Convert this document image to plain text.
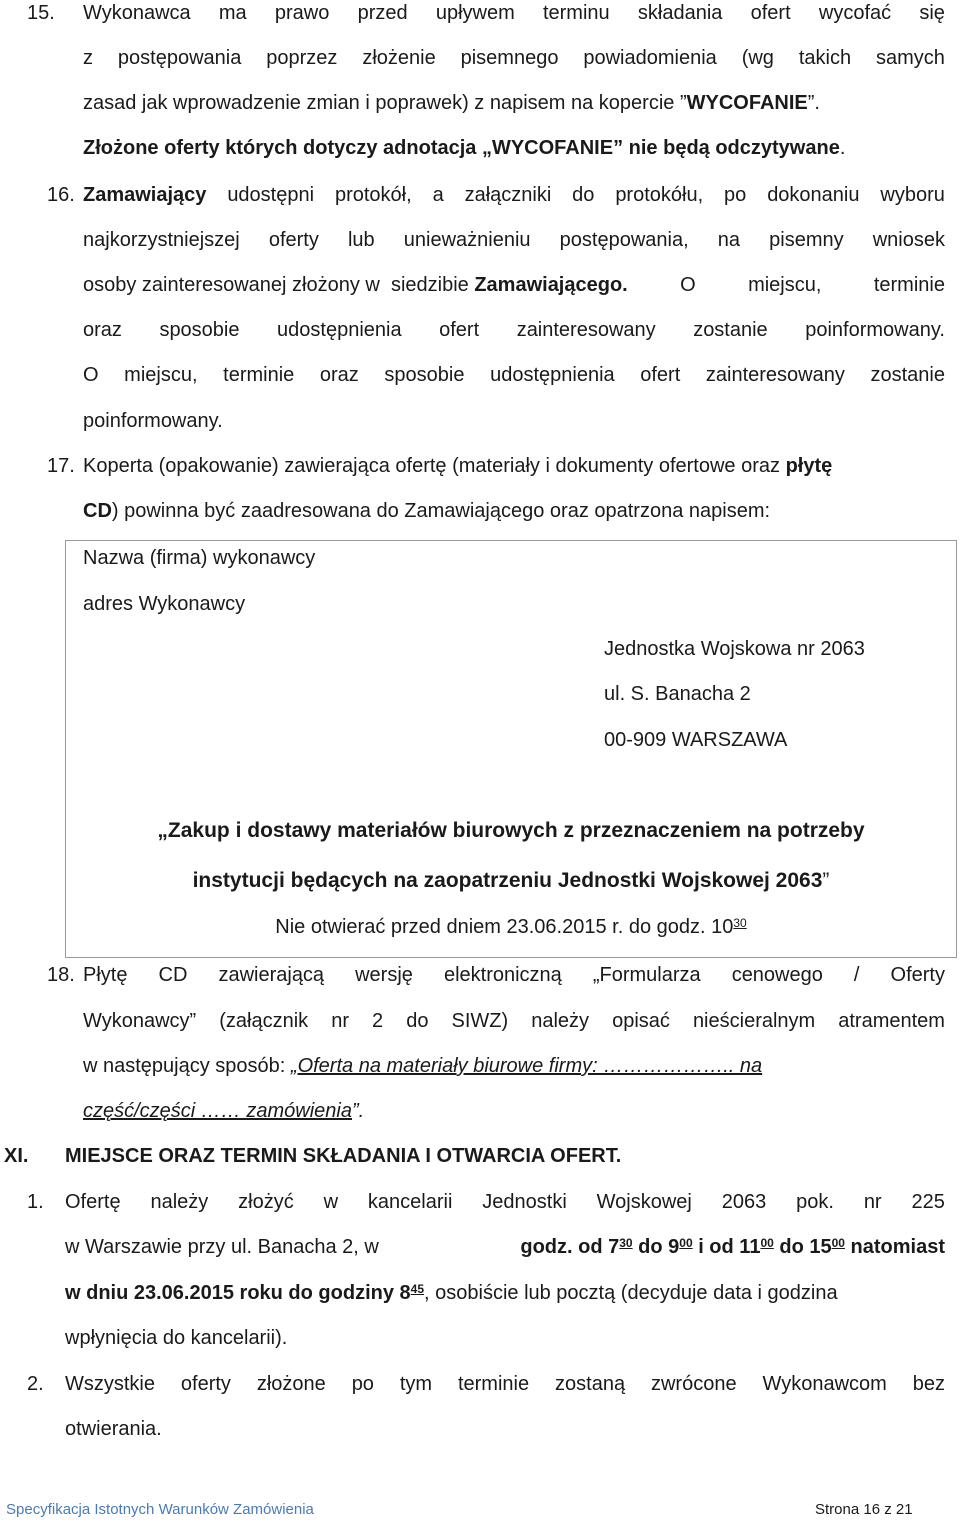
15. Wykonawca ma prawo przed upływem terminu składania ofert wycofać się
z postępowania poprzez złożenie pisemnego powiadomienia (wg takich samych
zasad jak wprowadzenie zmian i poprawek) z napisem na kopercie ”WYCOFANIE”.
Złożone oferty których dotyczy adnotacja „WYCOFANIE” nie będą odczytywane.
16. Zamawiający udostępni protokół, a załączniki do protokółu, po dokonaniu wyboru
najkorzystniejszej oferty lub unieważnieniu postępowania, na pisemny wniosek
osoby zainteresowanej złożony w  siedzibie Zamawiającego.	O	miejscu,	terminie
oraz sposobie udostępnienia ofert zainteresowany zostanie poinformowany.
O miejscu, terminie oraz sposobie udostępnienia ofert zainteresowany zostanie
poinformowany.
17. Koperta (opakowanie) zawierająca ofertę (materiały i dokumenty ofertowe oraz płytę
CD) powinna być zaadresowana do Zamawiającego oraz opatrzona napisem:
Nazwa (firma) wykonawcy
adres Wykonawcy
Jednostka Wojskowa nr 2063
ul. S. Banacha 2
00-909 WARSZAWA
„Zakup i dostawy materiałów biurowych z przeznaczeniem na potrzeby
instytucji będących na zaopatrzeniu Jednostki Wojskowej 2063”
Nie otwierać przed dniem 23.06.2015 r. do godz. $10^{30}$
18. Płytę CD zawierającą wersję elektroniczną „Formularza cenowego / Oferty
Wykonawcy” (załącznik nr 2 do SIWZ) należy opisać nieścieralnym atramentem
w następujący sposób: „Oferta na materiały biurowe firmy: ……………….. na
część/części …… zamówienia”.
XI. MIEJSCE ORAZ TERMIN SKŁADANIA I OTWARCIA OFERT.
1. Ofertę należy złożyć w kancelarii Jednostki Wojskowej 2063 pok. nr 225
w Warszawie przy ul. Banacha 2, w	godz. od $7^{30}$ do $9^{00}$ i od $11^{00}$ do $15^{00}$ natomiast
w dniu 23.06.2015 roku do godziny $8^{45}$, osobiście lub pocztą (decyduje data i godzina
wpłynięcia do kancelarii).
2. Wszystkie oferty złożone po tym terminie zostaną zwrócone Wykonawcom bez
otwierania.
Specyfikacja Istotnych Warunków Zamówienia	Strona 16 z 21
